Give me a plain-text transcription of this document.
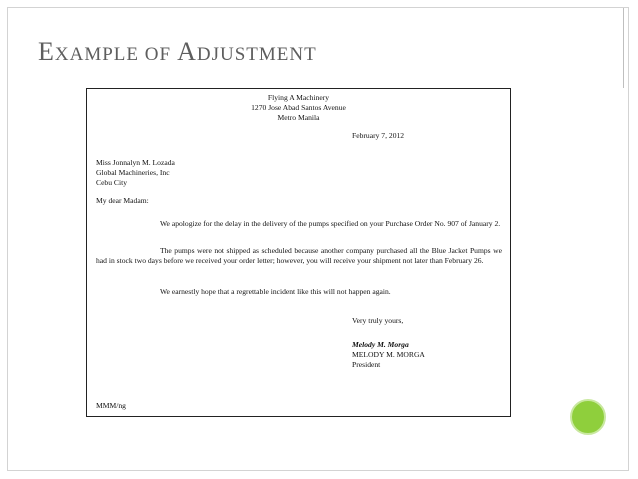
EXAMPLE OF ADJUSTMENT
Flying A Machinery
1270 Jose Abad Santos Avenue
Metro Manila
February 7, 2012
Miss Jonnalyn M. Lozada
Global Machineries, Inc
Cebu City
My dear Madam:

We apologize for the delay in the delivery of the pumps specified on your Purchase Order No. 907 of January 2.

The pumps were not shipped as scheduled because another company purchased all the Blue Jacket Pumps we had in stock two days before we received your order letter; however, you will receive your shipment not later than February 26.

We earnestly hope that a regrettable incident like this will not happen again.

Very truly yours,
Melody M. Morga
MELODY M. MORGA
President
MMM/ng
